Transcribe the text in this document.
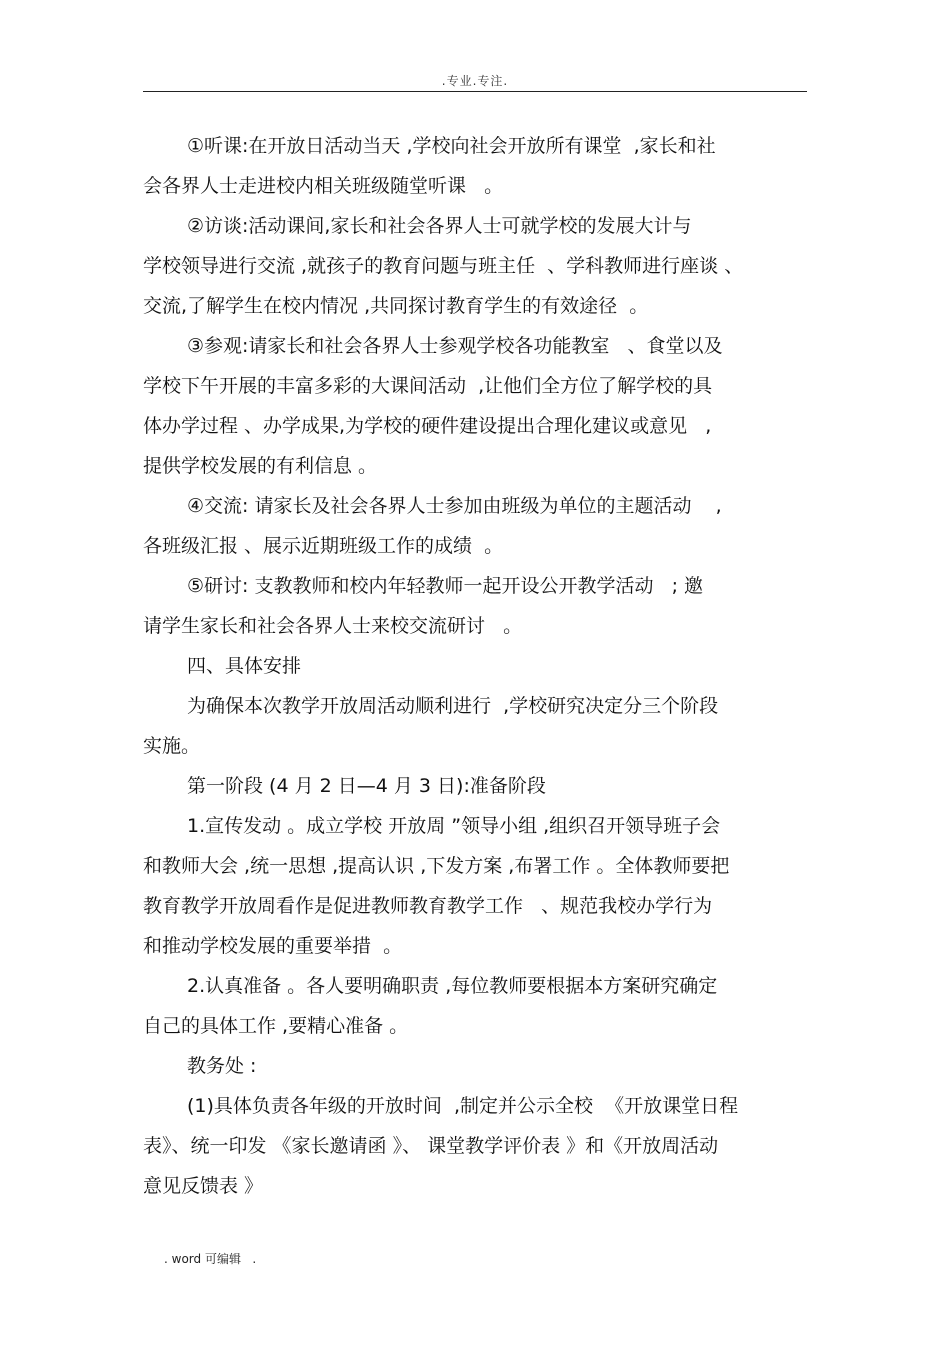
.专业.专注.

①听课:在开放日活动当天 ,学校向社会开放所有课堂  ,家长和社

会各界人士走进校内相关班级随堂听课   。

②访谈:活动课间,家长和社会各界人士可就学校的发展大计与

学校领导进行交流 ,就孩子的教育问题与班主任  、学科教师进行座谈 、

交流,了解学生在校内情况 ,共同探讨教育学生的有效途径  。

③参观:请家长和社会各界人士参观学校各功能教室   、食堂以及

学校下午开展的丰富多彩的大课间活动  ,让他们全方位了解学校的具

体办学过程 、办学成果,为学校的硬件建设提出合理化建议或意见   ,

提供学校发展的有利信息 。

④交流: 请家长及社会各界人士参加由班级为单位的主题活动    ,

各班级汇报 、展示近期班级工作的成绩  。

⑤研讨: 支教教师和校内年轻教师一起开设公开教学活动   ; 邀

请学生家长和社会各界人士来校交流研讨   。

四、具体安排

为确保本次教学开放周活动顺利进行  ,学校研究决定分三个阶段

实施。

第一阶段 (4 月 2 日—4 月 3 日):准备阶段

1.宣传发动 。成立学校 开放周 ”领导小组 ,组织召开领导班子会

和教师大会 ,统一思想 ,提高认识 ,下发方案 ,布署工作 。全体教师要把

教育教学开放周看作是促进教师教育教学工作   、规范我校办学行为

和推动学校发展的重要举措  。

2.认真准备 。各人要明确职责 ,每位教师要根据本方案研究确定

自己的具体工作 ,要精心准备 。

教务处 :

(1)具体负责各年级的开放时间  ,制定并公示全校  《开放课堂日程

表》、统一印发 《家长邀请函 》、 课堂教学评价表 》和《开放周活动

意见反馈表 》

. word 可编辑   .
